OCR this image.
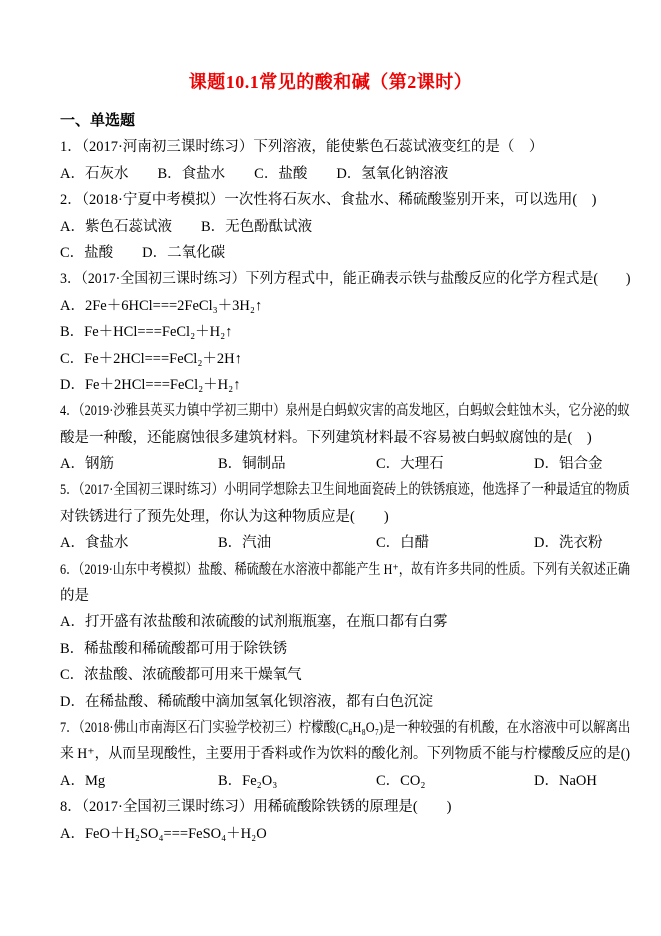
课题10.1常见的酸和碱（第2课时）
一、单选题
1．（2017·河南初三课时练习）下列溶液，能使紫色石蕊试液变红的是（　）
A．石灰水　　B．食盐水　　C．盐酸　　D．氢氧化钠溶液
2．（2018·宁夏中考模拟）一次性将石灰水、食盐水、稀硫酸鉴别开来，可以选用(　)
A．紫色石蕊试液　　B．无色酚酞试液
C．盐酸　　D．二氧化碳
3．（2017·全国初三课时练习）下列方程式中，能正确表示铁与盐酸反应的化学方程式是(　　)
A．2Fe＋6HCl===2FeCl₃＋3H₂↑
B．Fe＋HCl===FeCl₂＋H₂↑
C．Fe＋2HCl===FeCl₂＋2H↑
D．Fe＋2HCl===FeCl₂＋H₂↑
4．（2019·沙雅县英买力镇中学初三期中）泉州是白蚂蚁灾害的高发地区，白蚂蚁会蛀蚀木头，它分泌的蚁
酸是一种酸，还能腐蚀很多建筑材料。下列建筑材料最不容易被白蚂蚁腐蚀的是(　)
A．钢筋	B．铜制品	C．大理石	D．铝合金
5．（2017·全国初三课时练习）小明同学想除去卫生间地面瓷砖上的铁锈痕迹，他选择了一种最适宜的物质
对铁锈进行了预先处理，你认为这种物质应是(　　)
A．食盐水	B．汽油	C．白醋	D．洗衣粉
6．（2019·山东中考模拟）盐酸、稀硫酸在水溶液中都能产生 H⁺，故有许多共同的性质。下列有关叙述正确
的是
A．打开盛有浓盐酸和浓硫酸的试剂瓶瓶塞，在瓶口都有白雾
B．稀盐酸和稀硫酸都可用于除铁锈
C．浓盐酸、浓硫酸都可用来干燥氧气
D．在稀盐酸、稀硫酸中滴加氢氧化钡溶液，都有白色沉淀
7．（2018·佛山市南海区石门实验学校初三）柠檬酸(C₆H₈O₇)是一种较强的有机酸，在水溶液中可以解离出
来 H⁺，从而呈现酸性，主要用于香料或作为饮料的酸化剂。下列物质不能与柠檬酸反应的是()
A．Mg	B．Fe₂O₃	C．CO₂	D．NaOH
8．（2017·全国初三课时练习）用稀硫酸除铁锈的原理是(　　)
A．FeO＋H₂SO₄===FeSO₄＋H₂O
